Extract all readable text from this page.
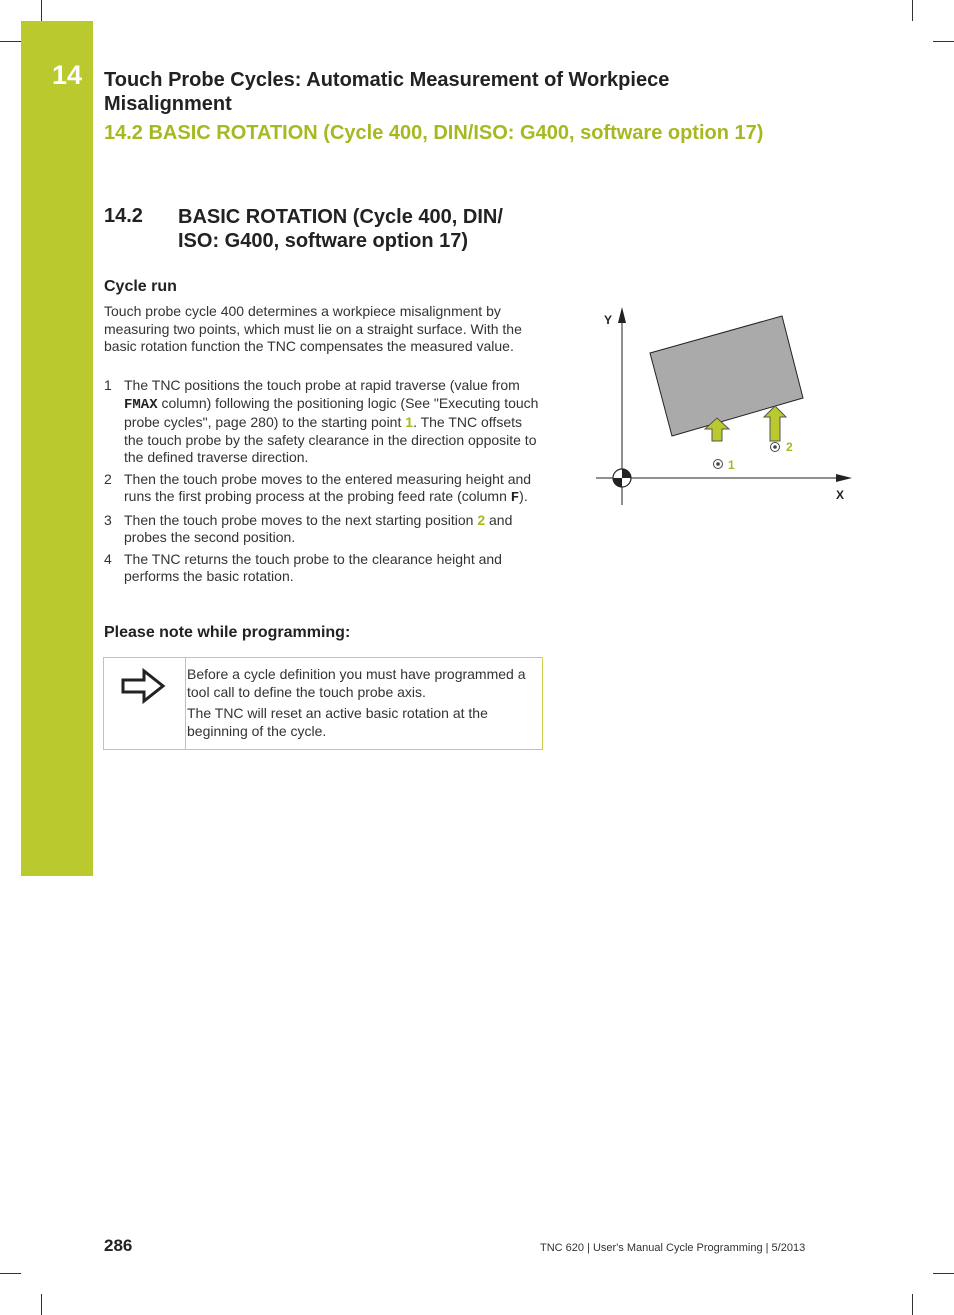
14	Touch Probe Cycles: Automatic Measurement of Workpiece Misalignment
14.2 BASIC ROTATION (Cycle 400, DIN/ISO: G400, software option 17)
14.2 BASIC ROTATION (Cycle 400, DIN/ ISO: G400, software option 17)
Cycle run
Touch probe cycle 400 determines a workpiece misalignment by measuring two points, which must lie on a straight surface. With the basic rotation function the TNC compensates the measured value.
1 The TNC positions the touch probe at rapid traverse (value from FMAX column) following the positioning logic (See "Executing touch probe cycles", page 280) to the starting point 1. The TNC offsets the touch probe by the safety clearance in the direction opposite to the defined traverse direction.
2 Then the touch probe moves to the entered measuring height and runs the first probing process at the probing feed rate (column F).
3 Then the touch probe moves to the next starting position 2 and probes the second position.
4 The TNC returns the touch probe to the clearance height and performs the basic rotation.
Please note while programming:

Before a cycle definition you must have programmed a tool call to define the touch probe axis.

The TNC will reset an active basic rotation at the beginning of the cycle.

Y
X
1
2
286	TNC 620 | User's Manual Cycle Programming | 5/2013
